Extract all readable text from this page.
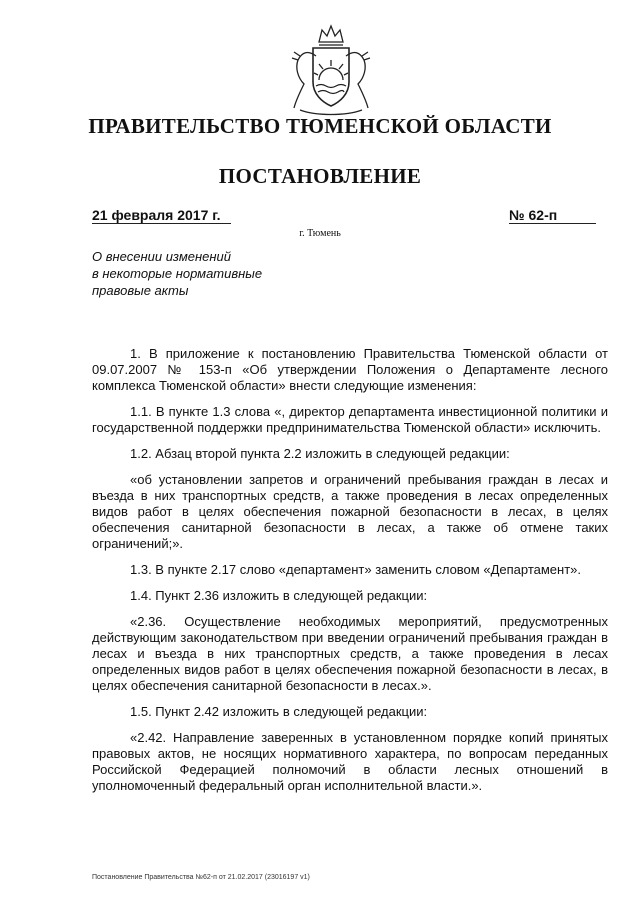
ПРАВИТЕЛЬСТВО ТЮМЕНСКОЙ ОБЛАСТИ
ПОСТАНОВЛЕНИЕ
21 февраля 2017 г.	№ 62-п
г. Тюмень
О внесении изменений
в некоторые нормативные
правовые акты

1. В приложение к постановлению Правительства Тюменской области от 09.07.2007 № 153-п «Об утверждении Положения о Департаменте лесного комплекса Тюменской области» внести следующие изменения:

1.1. В пункте 1.3 слова «, директор департамента инвестиционной политики и государственной поддержки предпринимательства Тюменской области» исключить.

1.2. Абзац второй пункта 2.2 изложить в следующей редакции:

«об установлении запретов и ограничений пребывания граждан в лесах и въезда в них транспортных средств, а также проведения в лесах определенных видов работ в целях обеспечения пожарной безопасности в лесах, в целях обеспечения санитарной безопасности в лесах, а также об отмене таких ограничений;».

1.3. В пункте 2.17 слово «департамент» заменить словом «Департамент».

1.4. Пункт 2.36 изложить в следующей редакции:

«2.36. Осуществление необходимых мероприятий, предусмотренных действующим законодательством при введении ограничений пребывания граждан в лесах и въезда в них транспортных средств, а также проведения в лесах определенных видов работ в целях обеспечения пожарной безопасности в лесах, в целях обеспечения санитарной безопасности в лесах.».

1.5. Пункт 2.42 изложить в следующей редакции:

«2.42. Направление заверенных в установленном порядке копий принятых правовых актов, не носящих нормативного характера, по вопросам переданных Российской Федерацией полномочий в области лесных отношений в уполномоченный федеральный орган исполнительной власти.».

Постановление Правительства №62-п от 21.02.2017 (23016197 v1)
